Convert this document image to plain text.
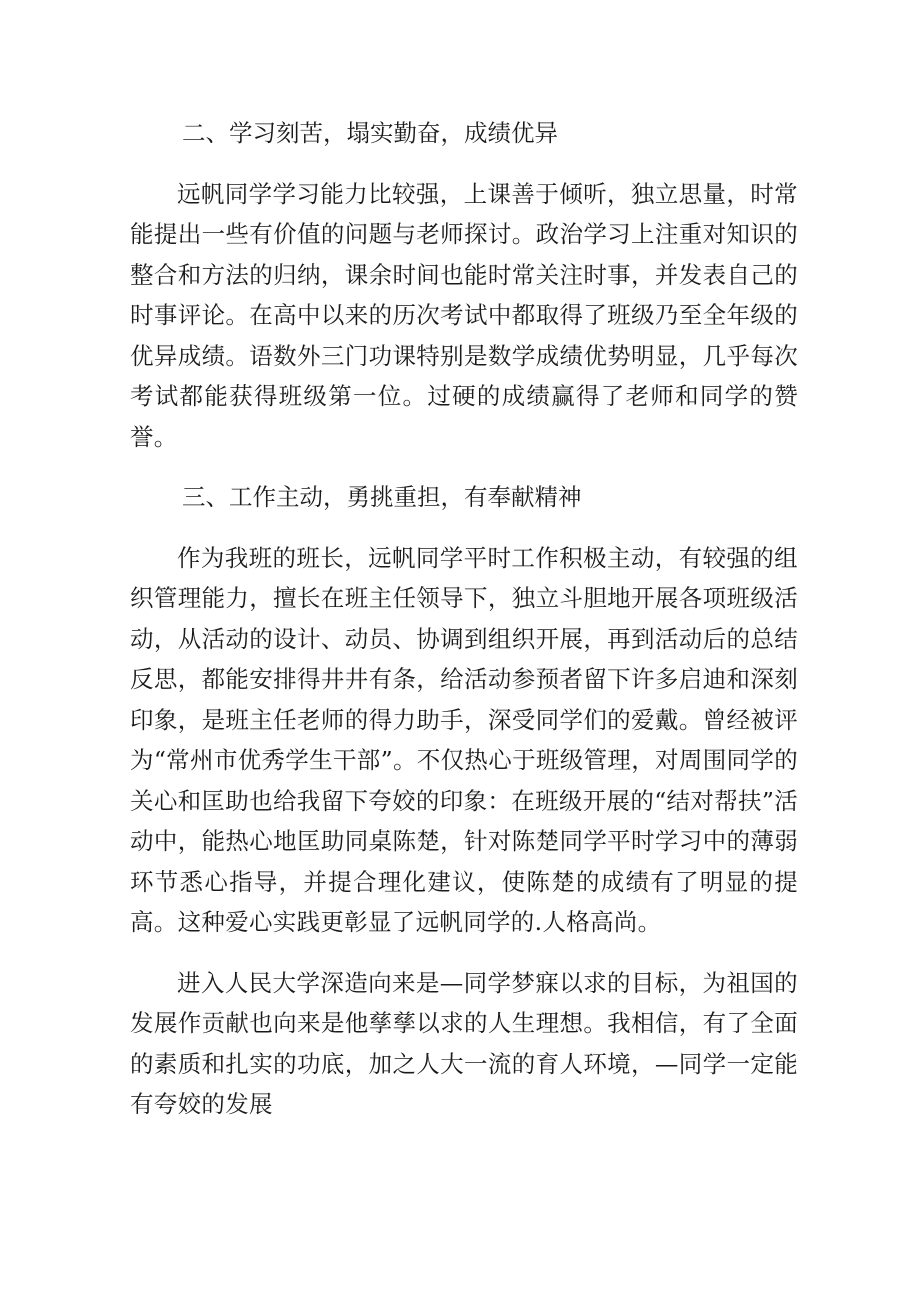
二、学习刻苦，塌实勤奋，成绩优异

远帆同学学习能力比较强，上课善于倾听，独立思量，时常能提出一些有价值的问题与老师探讨。政治学习上注重对知识的整合和方法的归纳，课余时间也能时常关注时事，并发表自己的时事评论。在高中以来的历次考试中都取得了班级乃至全年级的优异成绩。语数外三门功课特别是数学成绩优势明显，几乎每次考试都能获得班级第一位。过硬的成绩赢得了老师和同学的赞誉。

三、工作主动，勇挑重担，有奉献精神

作为我班的班长，远帆同学平时工作积极主动，有较强的组织管理能力，擅长在班主任领导下，独立斗胆地开展各项班级活动，从活动的设计、动员、协调到组织开展，再到活动后的总结反思，都能安排得井井有条，给活动参预者留下许多启迪和深刻印象，是班主任老师的得力助手，深受同学们的爱戴。曾经被评为“常州市优秀学生干部”。不仅热心于班级管理，对周围同学的关心和匡助也给我留下夸姣的印象：在班级开展的“结对帮扶”活动中，能热心地匡助同桌陈楚，针对陈楚同学平时学习中的薄弱环节悉心指导，并提合理化建议，使陈楚的成绩有了明显的提高。这种爱心实践更彰显了远帆同学的.人格高尚。

进入人民大学深造向来是—同学梦寐以求的目标，为祖国的发展作贡献也向来是他孳孳以求的人生理想。我相信，有了全面的素质和扎实的功底，加之人大一流的育人环境，—同学一定能有夸姣的发展
